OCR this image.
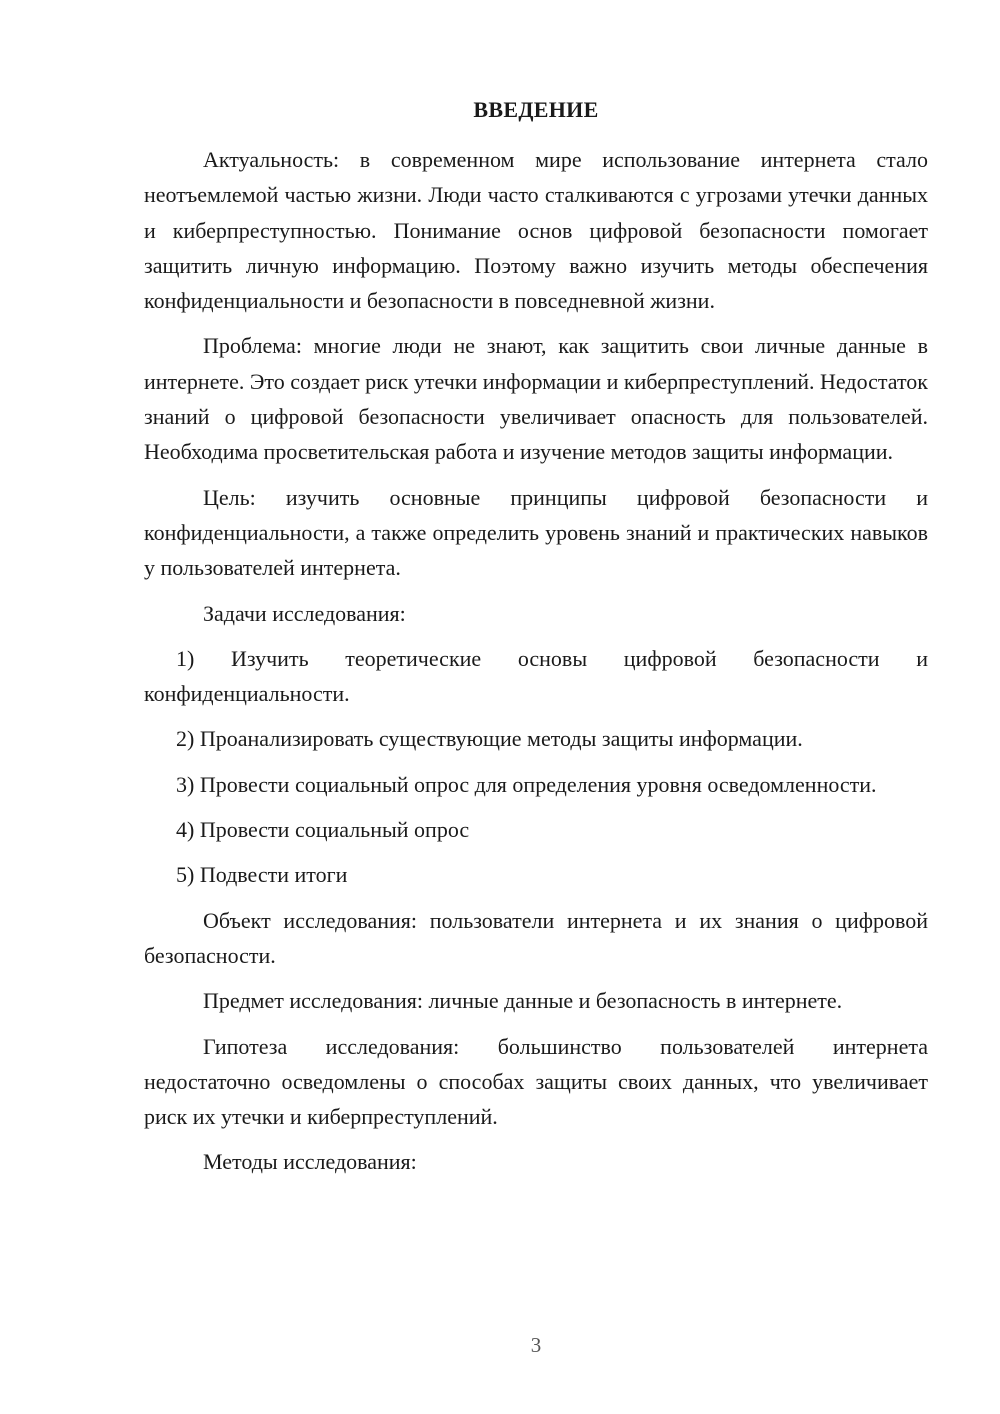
ВВЕДЕНИЕ

Актуальность: в современном мире использование интернета стало неотъемлемой частью жизни. Люди часто сталкиваются с угрозами утечки данных и киберпреступностью. Понимание основ цифровой безопасности помогает защитить личную информацию. Поэтому важно изучить методы обеспечения конфиденциальности и безопасности в повседневной жизни.

Проблема: многие люди не знают, как защитить свои личные данные в интернете. Это создает риск утечки информации и киберпреступлений. Недостаток знаний о цифровой безопасности увеличивает опасность для пользователей. Необходима просветительская работа и изучение методов защиты информации.

Цель: изучить основные принципы цифровой безопасности и конфиденциальности, а также определить уровень знаний и практических навыков у пользователей интернета.

Задачи исследования:

1) Изучить теоретические основы цифровой безопасности и конфиденциальности.

2) Проанализировать существующие методы защиты информации.

3) Провести социальный опрос для определения уровня осведомленности.

4) Провести социальный опрос

5) Подвести итоги

Объект исследования: пользователи интернета и их знания о цифровой безопасности.

Предмет исследования: личные данные и безопасность в интернете.

Гипотеза исследования: большинство пользователей интернета недостаточно осведомлены о способах защиты своих данных, что увеличивает риск их утечки и киберпреступлений.

Методы исследования:

3
